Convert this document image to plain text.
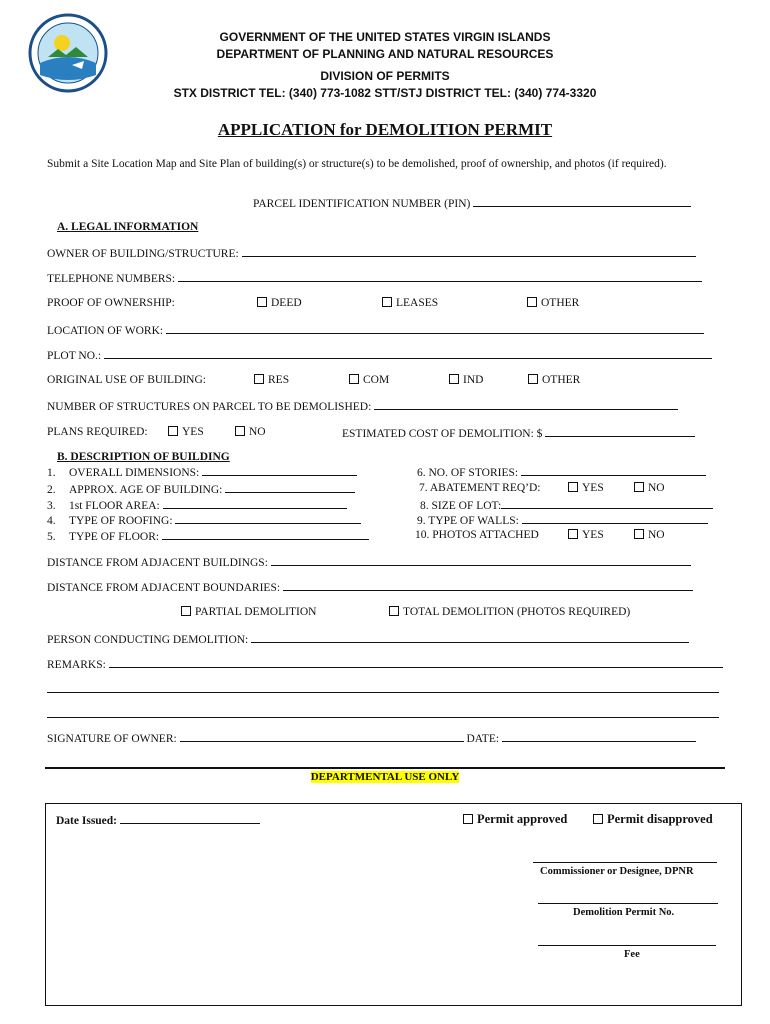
GOVERNMENT OF THE UNITED STATES VIRGIN ISLANDS
DEPARTMENT OF PLANNING AND NATURAL RESOURCES
DIVISION OF PERMITS
STX DISTRICT TEL: (340) 773-1082 STT/STJ DISTRICT TEL: (340) 774-3320
APPLICATION for DEMOLITION PERMIT
Submit a Site Location Map and Site Plan of building(s) or structure(s) to be demolished, proof of ownership, and photos (if required).
PARCEL IDENTIFICATION NUMBER (PIN)
A. LEGAL INFORMATION
OWNER OF BUILDING/STRUCTURE:
TELEPHONE NUMBERS:
PROOF OF OWNERSHIP:	DEED	LEASES	OTHER
LOCATION OF WORK:
PLOT NO.:
ORIGINAL USE OF BUILDING:	RES	COM	IND	OTHER
NUMBER OF STRUCTURES ON PARCEL TO BE DEMOLISHED:
PLANS REQUIRED:	YES	NO	ESTIMATED COST OF DEMOLITION: $
B. DESCRIPTION OF BUILDING
1. OVERALL DIMENSIONS:
2. APPROX. AGE OF BUILDING:
3. 1st FLOOR AREA:
4. TYPE OF ROOFING:
5. TYPE OF FLOOR:
6. NO. OF STORIES:
7. ABATEMENT REQ’D:	YES	NO
8. SIZE OF LOT:
9. TYPE OF WALLS:
10. PHOTOS ATTACHED	YES	NO
DISTANCE FROM ADJACENT BUILDINGS:
DISTANCE FROM ADJACENT BOUNDARIES:
PARTIAL DEMOLITION	TOTAL DEMOLITION (PHOTOS REQUIRED)
PERSON CONDUCTING DEMOLITION:
REMARKS:
SIGNATURE OF OWNER:	DATE:
DEPARTMENTAL USE ONLY
Date Issued:	Permit approved	Permit disapproved
Commissioner or Designee, DPNR
Demolition Permit No.
Fee
